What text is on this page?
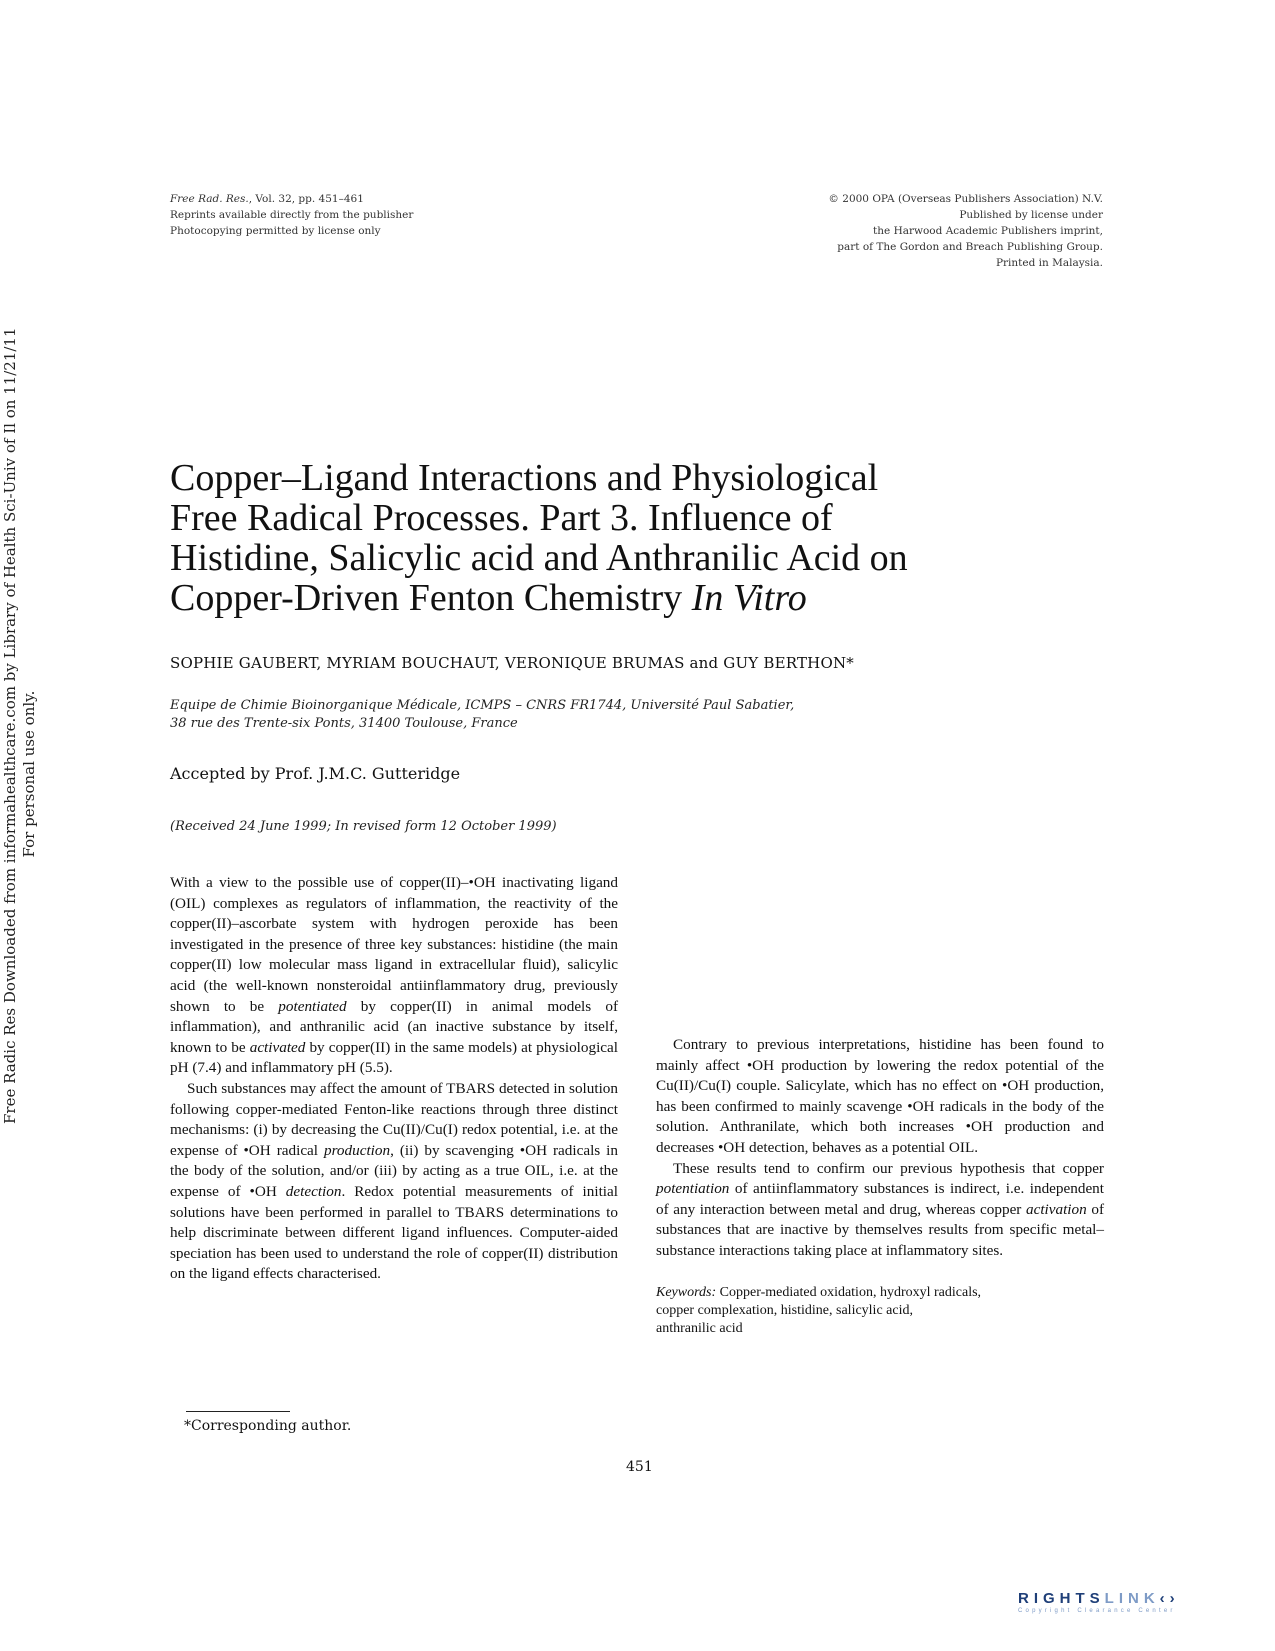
Free Rad. Res., Vol. 32, pp. 451–461
Reprints available directly from the publisher
Photocopying permitted by license only
© 2000 OPA (Overseas Publishers Association) N.V.
Published by license under
the Harwood Academic Publishers imprint,
part of The Gordon and Breach Publishing Group.
Printed in Malaysia.
Free Radic Res Downloaded from informahealthcare.com by Library of Health Sci-Univ of Il on 11/21/11 For personal use only.
Copper–Ligand Interactions and Physiological
Free Radical Processes. Part 3. Influence of
Histidine, Salicylic acid and Anthranilic Acid on
Copper-Driven Fenton Chemistry In Vitro
SOPHIE GAUBERT, MYRIAM BOUCHAUT, VERONIQUE BRUMAS and GUY BERTHON*
Equipe de Chimie Bioinorganique Médicale, ICMPS – CNRS FR1744, Université Paul Sabatier,
38 rue des Trente-six Ponts, 31400 Toulouse, France
Accepted by Prof. J.M.C. Gutteridge
(Received 24 June 1999; In revised form 12 October 1999)

With a view to the possible use of copper(II)–•OH inactivating ligand (OIL) complexes as regulators of inflammation, the reactivity of the copper(II)–ascorbate system with hydrogen peroxide has been investigated in the presence of three key substances: histidine (the main copper(II) low molecular mass ligand in extracellular fluid), salicylic acid (the well-known nonsteroidal antiinflammatory drug, previously shown to be potentiated by copper(II) in animal models of inflammation), and anthranilic acid (an inactive substance by itself, known to be activated by copper(II) in the same models) at physiological pH (7.4) and inflammatory pH (5.5).

Such substances may affect the amount of TBARS detected in solution following copper-mediated Fenton-like reactions through three distinct mechanisms: (i) by decreasing the Cu(II)/Cu(I) redox potential, i.e. at the expense of •OH radical production, (ii) by scavenging •OH radicals in the body of the solution, and/or (iii) by acting as a true OIL, i.e. at the expense of •OH detection. Redox potential measurements of initial solutions have been performed in parallel to TBARS determinations to help discriminate between different ligand influences. Computer-aided speciation has been used to understand the role of copper(II) distribution on the ligand effects characterised.

Contrary to previous interpretations, histidine has been found to mainly affect •OH production by lowering the redox potential of the Cu(II)/Cu(I) couple. Salicylate, which has no effect on •OH production, has been confirmed to mainly scavenge •OH radicals in the body of the solution. Anthranilate, which both increases •OH production and decreases •OH detection, behaves as a potential OIL.

These results tend to confirm our previous hypothesis that copper potentiation of antiinflammatory substances is indirect, i.e. independent of any interaction between metal and drug, whereas copper activation of substances that are inactive by themselves results from specific metal–substance interactions taking place at inflammatory sites.

Keywords: Copper-mediated oxidation, hydroxyl radicals,
copper complexation, histidine, salicylic acid,
anthranilic acid
*Corresponding author.
451
RIGHTSLINK‹›
Copyright Clearance Center
